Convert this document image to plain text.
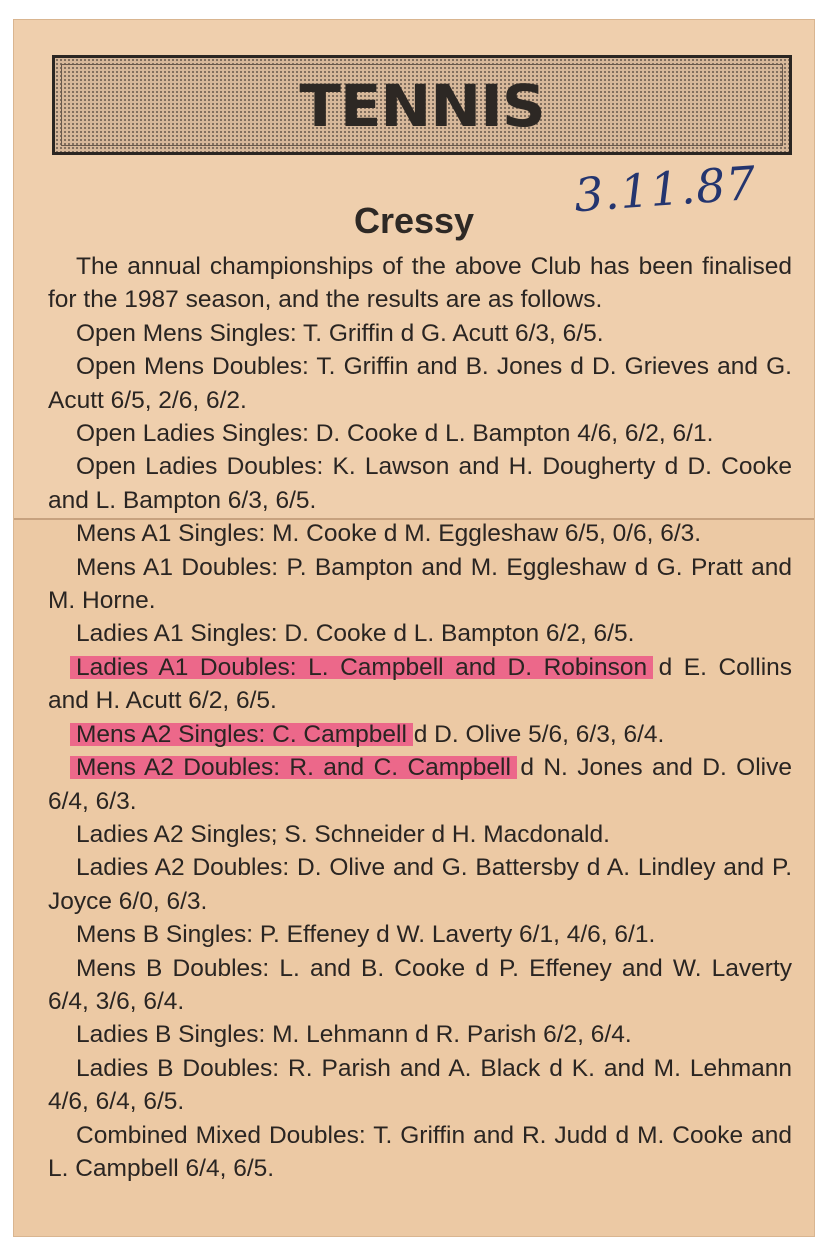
TENNIS
3.11.87
Cressy

The annual championships of the above Club has been finalised for the 1987 season, and the results are as follows.

Open Mens Singles: T. Griffin d G. Acutt 6/3, 6/5.

Open Mens Doubles: T. Griffin and B. Jones d D. Grieves and G. Acutt 6/5, 2/6, 6/2.

Open Ladies Singles: D. Cooke d L. Bampton 4/6, 6/2, 6/1.

Open Ladies Doubles: K. Lawson and H. Dougherty d D. Cooke and L. Bampton 6/3, 6/5.

Mens A1 Singles: M. Cooke d M. Eggleshaw 6/5, 0/6, 6/3.

Mens A1 Doubles: P. Bampton and M. Eggleshaw d G. Pratt and M. Horne.

Ladies A1 Singles: D. Cooke d L. Bampton 6/2, 6/5.

Ladies A1 Doubles: L. Campbell and D. Robinson d E. Collins and H. Acutt 6/2, 6/5.

Mens A2 Singles: C. Campbell d D. Olive 5/6, 6/3, 6/4.

Mens A2 Doubles: R. and C. Campbell d N. Jones and D. Olive 6/4, 6/3.

Ladies A2 Singles; S. Schneider d H. Macdonald.

Ladies A2 Doubles: D. Olive and G. Battersby d A. Lindley and P. Joyce 6/0, 6/3.

Mens B Singles: P. Effeney d W. Laverty 6/1, 4/6, 6/1.

Mens B Doubles: L. and B. Cooke d P. Effeney and W. Laverty 6/4, 3/6, 6/4.

Ladies B Singles: M. Lehmann d R. Parish 6/2, 6/4.

Ladies B Doubles: R. Parish and A. Black d K. and M. Lehmann 4/6, 6/4, 6/5.

Combined Mixed Doubles: T. Griffin and R. Judd d M. Cooke and L. Campbell 6/4, 6/5.
